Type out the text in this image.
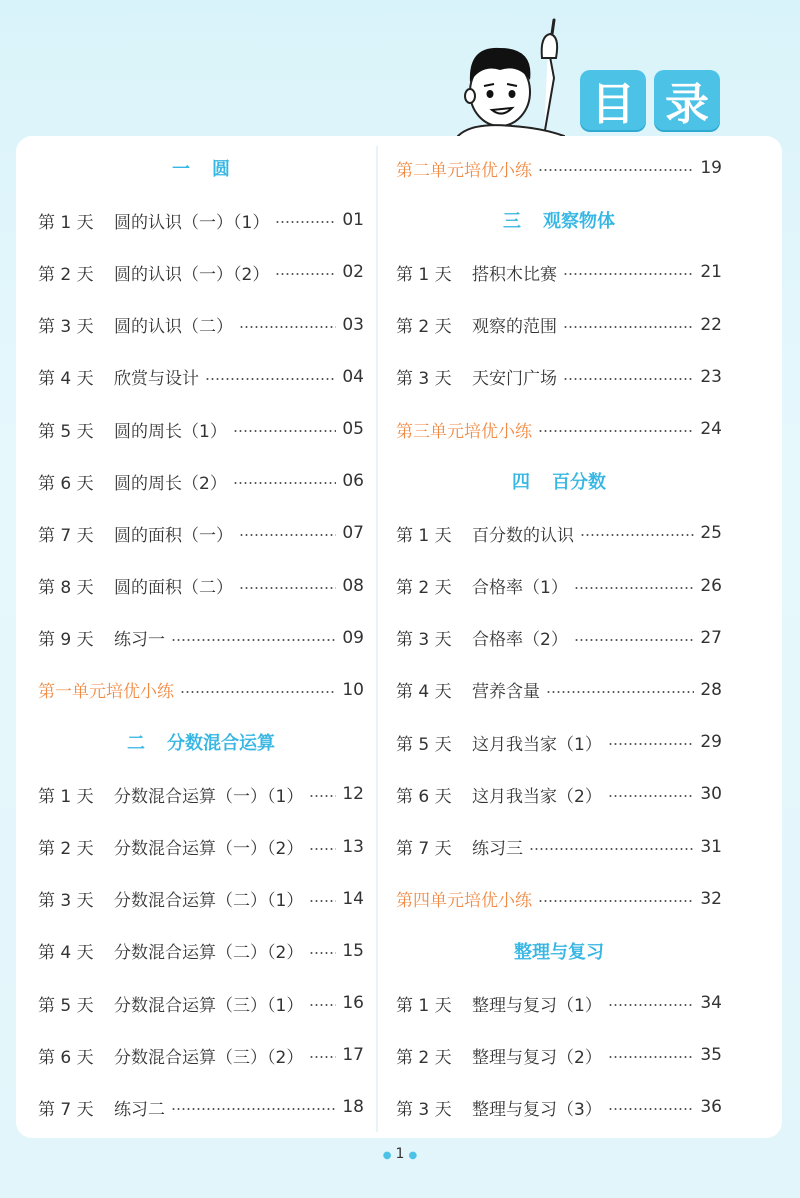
目 录
一 圆
第 1 天	圆的认识（一）（1）	01
第 2 天	圆的认识（一）（2）	02
第 3 天	圆的认识（二）	03
第 4 天	欣赏与设计	04
第 5 天	圆的周长（1）	05
第 6 天	圆的周长（2）	06
第 7 天	圆的面积（一）	07
第 8 天	圆的面积（二）	08
第 9 天	练习一	09
第一单元培优小练	10
二 分数混合运算
第 1 天	分数混合运算（一）（1） 12
第 2 天	分数混合运算（一）（2） 13
第 3 天	分数混合运算（二）（1） 14
第 4 天	分数混合运算（二）（2） 15
第 5 天	分数混合运算（三）（1） 16
第 6 天	分数混合运算（三）（2） 17
第 7 天	练习二	18
第二单元培优小练	19
三 观察物体
第 1 天	搭积木比赛	21
第 2 天	观察的范围	22
第 3 天	天安门广场	23
第三单元培优小练	24
四 百分数
第 1 天	百分数的认识	25
第 2 天	合格率（1）	26
第 3 天	合格率（2）	27
第 4 天	营养含量	28
第 5 天	这月我当家（1）	29
第 6 天	这月我当家（2）	30
第 7 天	练习三	31
第四单元培优小练	32
整理与复习
第 1 天	整理与复习（1）	34
第 2 天	整理与复习（2）	35
第 3 天	整理与复习（3）	36
● 1 ●
